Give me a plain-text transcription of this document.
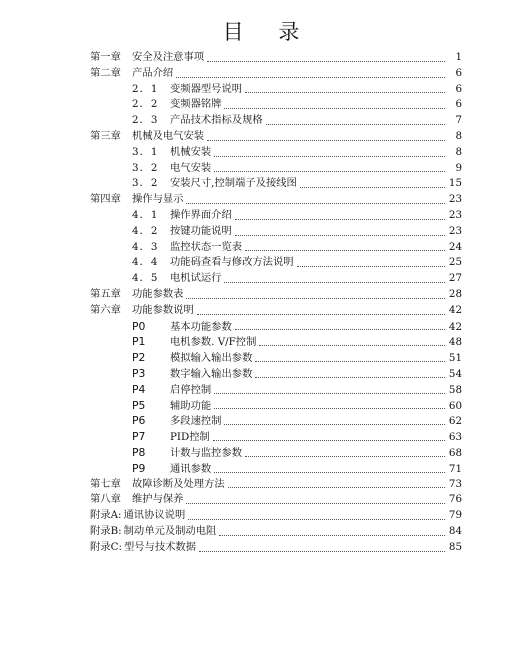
目 录
第一章	安全及注意事项	1
第二章	产品介绍	6
2．1	变频器型号说明	6
2．2	变频器铭牌	6
2．3	产品技术指标及规格	7
第三章	机械及电气安装	8
3．1	机械安装	8
3．2	电气安装	9
3．2	安装尺寸,控制端子及接线图	15
第四章	操作与显示	23
4．1	操作界面介绍	23
4．2	按键功能说明	23
4．3	监控状态一览表	24
4．4	功能码查看与修改方法说明	25
4．5	电机试运行	27
第五章	功能参数表	28
第六章	功能参数说明	42
P0	基本功能参数	42
P1	电机参数. V/F控制	48
P2	模拟输入输出参数	51
P3	数字输入输出参数	54
P4	启停控制	58
P5	辅助功能	60
P6	多段速控制	62
P7	PID控制	63
P8	计数与监控参数	68
P9	通讯参数	71
第七章	故障诊断及处理方法	73
第八章	维护与保养	76
附录A: 通讯协议说明	79
附录B: 制动单元及制动电阻	84
附录C: 型号与技术数据	85
